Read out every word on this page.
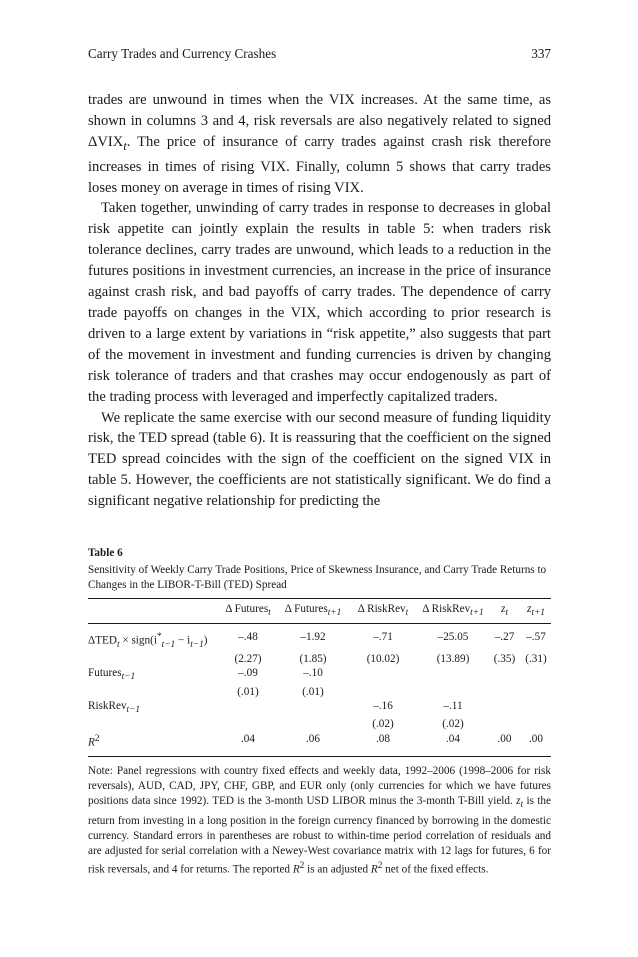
Carry Trades and Currency Crashes	337

trades are unwound in times when the VIX increases. At the same time, as shown in columns 3 and 4, risk reversals are also negatively related to signed $\Delta VIX_t$. The price of insurance of carry trades against crash risk therefore increases in times of rising VIX. Finally, column 5 shows that carry trades loses money on average in times of rising VIX.

Taken together, unwinding of carry trades in response to decreases in global risk appetite can jointly explain the results in table 5: when traders risk tolerance declines, carry trades are unwound, which leads to a reduction in the futures positions in investment currencies, an increase in the price of insurance against crash risk, and bad payoffs of carry trades. The dependence of carry trade payoffs on changes in the VIX, which according to prior research is driven to a large extent by variations in “risk appetite,” also suggests that part of the movement in investment and funding currencies is driven by changing risk tolerance of traders and that crashes may occur endogenously as part of the trading process with leveraged and imperfectly capitalized traders.

We replicate the same exercise with our second measure of funding liquidity risk, the TED spread (table 6). It is reassuring that the coefficient on the signed TED spread coincides with the sign of the coefficient on the signed VIX in table 5. However, the coefficients are not statistically significant. We do find a significant negative relationship for predicting the

Table 6

Sensitivity of Weekly Carry Trade Positions, Price of Skewness Insurance, and Carry Trade Returns to Changes in the LIBOR-T-Bill (TED) Spread

	Δ Futures$_t$	Δ Futures$_{t+1}$	Δ RiskRev$_t$	Δ RiskRev$_{t+1}$	$z_t$	$z_{t+1}$
$\Delta TED_t$ × $sign(i^*_{t-1} - i_{t-1})$	–.48	–1.92	–.71	–25.05	–.27	–.57
	(2.27)	(1.85)	(10.02)	(13.89)	(.35)	(.31)
Futures$_{t-1}$	–.09	–.10				
	(.01)	(.01)				
RiskRev$_{t-1}$			–.16	–.11		
			(.02)	(.02)		
$R^2$	.04	.06	.08	.04	.00	.00

Note: Panel regressions with country fixed effects and weekly data, 1992–2006 (1998–2006 for risk reversals), AUD, CAD, JPY, CHF, GBP, and EUR only (only currencies for which we have futures positions data since 1992). TED is the 3-month USD LIBOR minus the 3-month T-Bill yield. $z_t$ is the return from investing in a long position in the foreign currency financed by borrowing in the domestic currency. Standard errors in parentheses are robust to within-time period correlation of residuals and are adjusted for serial correlation with a Newey-West covariance matrix with 12 lags for futures, 6 for risk reversals, and 4 for returns. The reported $R^2$ is an adjusted $R^2$ net of the fixed effects.
